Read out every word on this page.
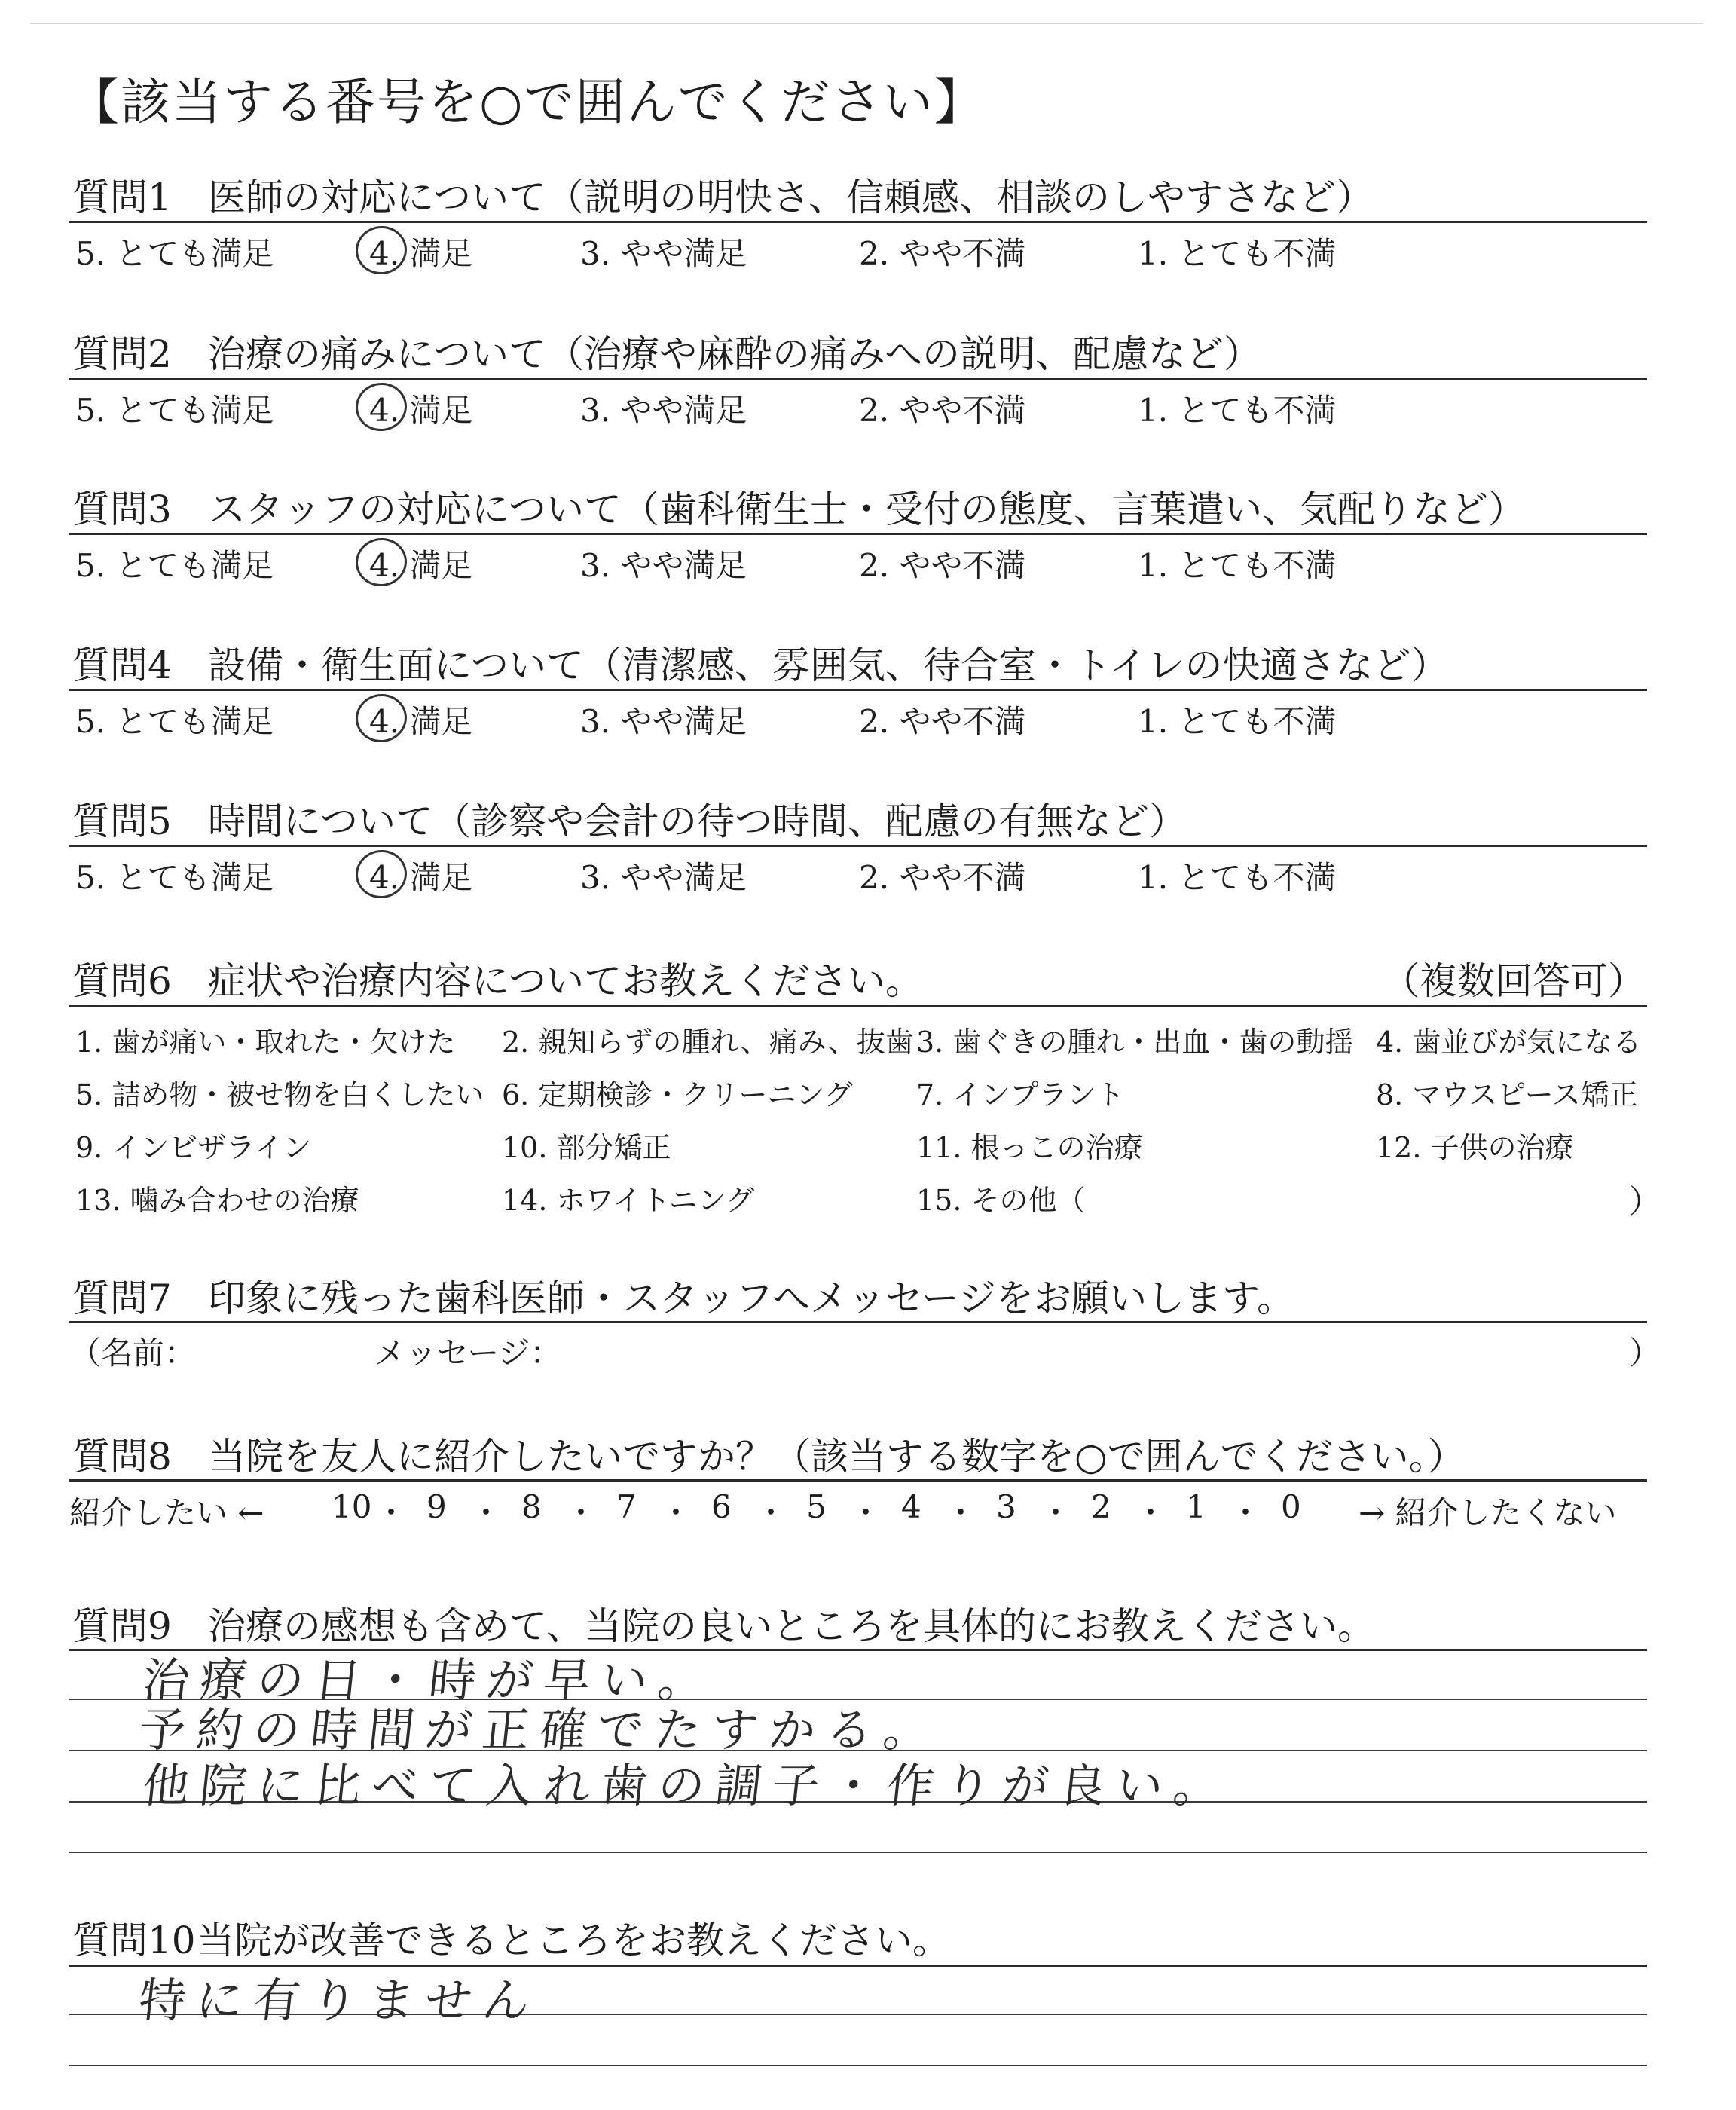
【該当する番号を○で囲んでください】
質問1 医師の対応について（説明の明快さ、信頼感、相談のしやすさなど）
5. とても満足	4. 満足	3. やや満足	2. やや不満	1. とても不満
質問2 治療の痛みについて（治療や麻酔の痛みへの説明、配慮など）
5. とても満足	4. 満足	3. やや満足	2. やや不満	1. とても不満
質問3 スタッフの対応について（歯科衛生士・受付の態度、言葉遣い、気配りなど）
5. とても満足	4. 満足	3. やや満足	2. やや不満	1. とても不満
質問4 設備・衛生面について（清潔感、雰囲気、待合室・トイレの快適さなど）
5. とても満足	4. 満足	3. やや満足	2. やや不満	1. とても不満
質問5 時間について（診察や会計の待つ時間、配慮の有無など）
5. とても満足	4. 満足	3. やや満足	2. やや不満	1. とても不満
質問6 症状や治療内容についてお教えください。	（複数回答可）
1. 歯が痛い・取れた・欠けた 2. 親知らずの腫れ、痛み、抜歯 3. 歯ぐきの腫れ・出血・歯の動揺 4. 歯並びが気になる
5. 詰め物・被せ物を白くしたい 6. 定期検診・クリーニング 7. インプラント	8. マウスピース矯正
9. インビザライン	10. 部分矯正	11. 根っこの治療	12. 子供の治療
13. 噛み合わせの治療	14. ホワイトニング	15. その他（	）
質問7 印象に残った歯科医師・スタッフへメッセージをお願いします。
（名前：	メッセージ：	）
質問8 当院を友人に紹介したいですか？（該当する数字を○で囲んでください。）
紹介したい ←	→ 紹介したくない
10 ・ 9 ・ 8 ・ 7 ・ 6 ・ 5 ・ 4 ・ 3 ・ 2 ・ 1 ・ 0
質問9 治療の感想も含めて、当院の良いところを具体的にお教えください。
治療の日・時が早い。
予約の時間が正確でたすかる。
他院に比べて入れ歯の調子・作りが良い。
質問10当院が改善できるところをお教えください。
特に有りません
